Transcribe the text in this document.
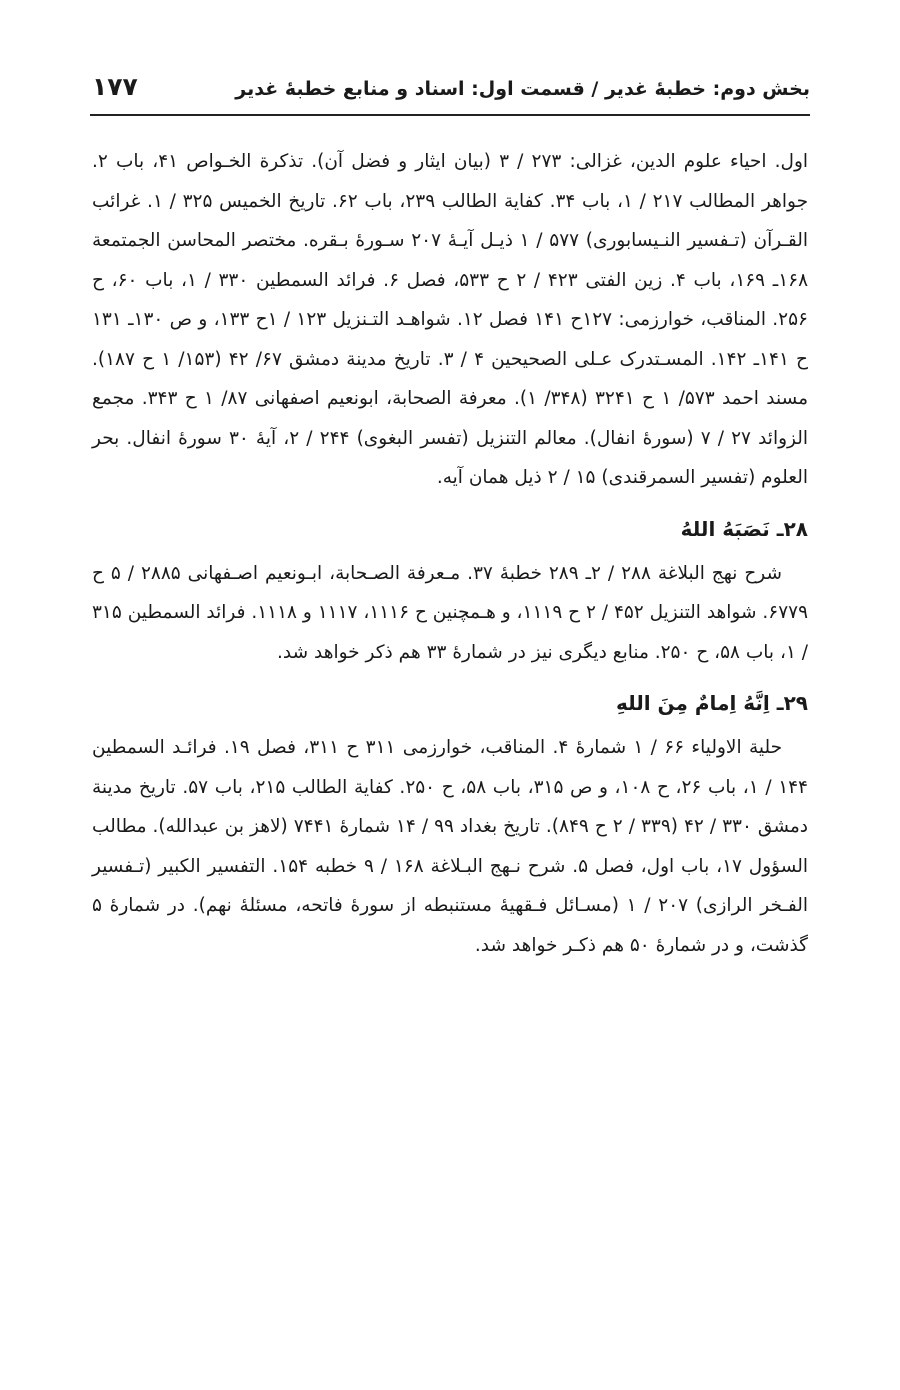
بخش دوم: خطبهٔ غدیر / قسمت اول: اسناد و منابع خطبهٔ غدیر
۱۷۷

اول. احیاء علوم الدین، غزالی: ۲۷۳ / ۳ (بیان ایثار و فضل آن). تذکرة الخـواص ۴۱، باب ۲. جواهر المطالب ۲۱۷ / ۱، باب ۳۴. کفایة الطالب ۲۳۹، باب ۶۲. تاریخ الخمیس ۳۲۵ / ۱. غرائب القـرآن (تـفسیر النـیسابوری) ۵۷۷ / ۱ ذیـل آیـهٔ ۲۰۷ سـورهٔ بـقره. مختصر المحاسن الجمتمعة ۱۶۸ـ ۱۶۹، باب ۴. زین الفتی ۴۲۳ / ۲ ح ۵۳۳، فصل ۶. فرائد السمطین ۳۳۰ / ۱، باب ۶۰، ح ۲۵۶. المناقب، خوارزمی: ۱۲۷ح ۱۴۱ فصل ۱۲. شواهـد التـنزیل ۱۲۳ / ۱ح ۱۳۳، و ص ۱۳۰ـ ۱۳۱ ح ۱۴۱ـ ۱۴۲. المسـتدرک عـلی الصحیحین ۴ / ۳. تاریخ مدینة دمشق ۶۷/ ۴۲ (۱۵۳/ ۱ ح ۱۸۷). مسند احمد ۵۷۳/ ۱ ح ۳۲۴۱ (۳۴۸/ ۱). معرفة الصحابة، ابونعیم اصفهانی ۸۷/ ۱ ح ۳۴۳. مجمع الزوائد ۲۷ / ۷ (سورهٔ انفال). معالم التنزیل (تفسر البغوی) ۲۴۴ / ۲، آیهٔ ۳۰ سورهٔ انفال. بحر العلوم (تفسیر السمرقندی) ۱۵ / ۲ ذیل همان آیه.

۲۸ـ نَصَبَهُ اللهُ

شرح نهج البلاغة ۲۸۸ / ۲ـ ۲۸۹ خطبهٔ ۳۷. مـعرفة الصـحابة، ابـونعیم اصـفهانی ۲۸۸۵ / ۵ ح ۶۷۷۹. شواهد التنزیل ۴۵۲ / ۲ ح ۱۱۱۹، و هـمچنین ح ۱۱۱۶، ۱۱۱۷ و ۱۱۱۸. فرائد السمطین ۳۱۵ / ۱، باب ۵۸، ح ۲۵۰. منابع دیگری نیز در شمارهٔ ۳۳ هم ذکر خواهد شد.

۲۹ـ اِنَّهُ اِمامٌ مِنَ اللهِ

حلیة الاولیاء ۶۶ / ۱ شمارهٔ ۴. المناقب، خوارزمی ۳۱۱ ح ۳۱۱، فصل ۱۹. فرائـد السمطین ۱۴۴ / ۱، باب ۲۶، ح ۱۰۸، و ص ۳۱۵، باب ۵۸، ح ۲۵۰. کفایة الطالب ۲۱۵، باب ۵۷. تاریخ مدینة دمشق ۳۳۰ / ۴۲ (۳۳۹ / ۲ ح ۸۴۹). تاریخ بغداد ۹۹ / ۱۴ شمارهٔ ۷۴۴۱ (لاهز بن عبدالله). مطالب السؤول ۱۷، باب اول، فصل ۵. شرح نـهج البـلاغة ۱۶۸ / ۹ خطبه ۱۵۴. التفسیر الکبیر (تـفسیر الفـخر الرازی) ۲۰۷ / ۱ (مسـائل فـقهیهٔ مستنبطه از سورهٔ فاتحه، مسئلهٔ نهم). در شمارهٔ ۵ گذشت، و در شمارهٔ ۵۰ هم ذکـر خواهد شد.
